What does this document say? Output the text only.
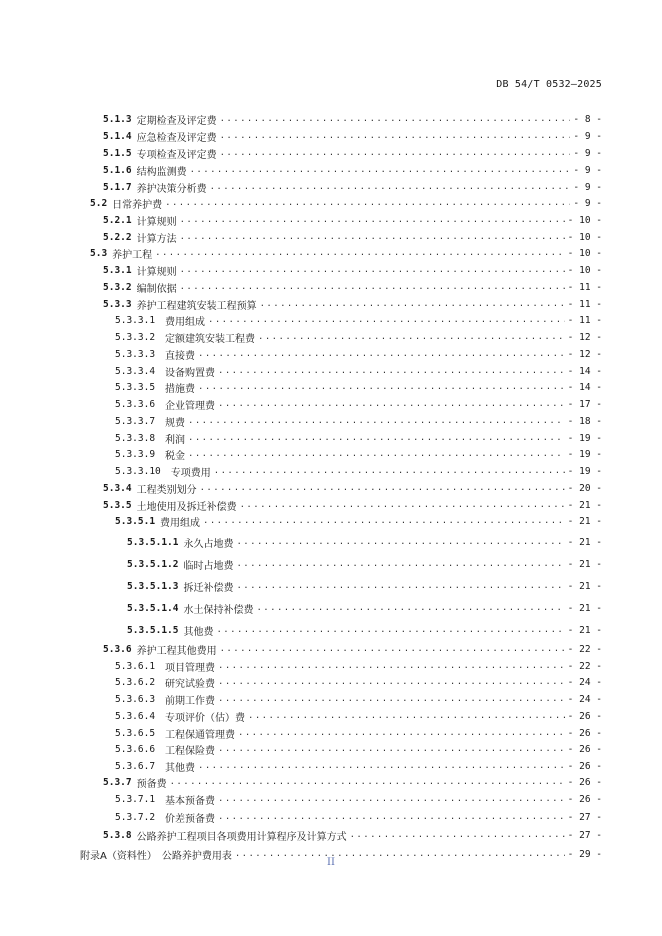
DB 54/T 0532—2025
5.1.3 定期检查及评定费 .....	- 8 -
5.1.4 应急检查及评定费 .....	- 9 -
5.1.5 专项检查及评定费 .....	- 9 -
5.1.6 结构监测费 .....	- 9 -
5.1.7 养护决策分析费 .....	- 9 -
5.2 日常养护费 .....	- 9 -
5.2.1 计算规则 .....	- 10 -
5.2.2 计算方法 .....	- 10 -
5.3 养护工程 .....	- 10 -
5.3.1 计算规则 .....	- 10 -
5.3.2 编制依据 .....	- 11 -
5.3.3 养护工程建筑安装工程预算 .....	- 11 -
5.3.3.1 费用组成 .....	- 11 -
5.3.3.2 定额建筑安装工程费 .....	- 12 -
5.3.3.3 直接费 .....	- 12 -
5.3.3.4 设备购置费 .....	- 14 -
5.3.3.5 措施费 .....	- 14 -
5.3.3.6 企业管理费 .....	- 17 -
5.3.3.7 规费 .....	- 18 -
5.3.3.8 利润 .....	- 19 -
5.3.3.9 税金 .....	- 19 -
5.3.3.10 专项费用 .....	- 19 -
5.3.4 工程类别划分 .....	- 20 -
5.3.5 土地使用及拆迁补偿费 .....	- 21 -
5.3.5.1 费用组成 .....	- 21 -
5.3.5.1.1 永久占地费 .....	- 21 -
5.3.5.1.2 临时占地费 .....	- 21 -
5.3.5.1.3 拆迁补偿费 .....	- 21 -
5.3.5.1.4 水土保持补偿费 .....	- 21 -
5.3.5.1.5 其他费 .....	- 21 -
5.3.6 养护工程其他费用 .....	- 22 -
5.3.6.1 项目管理费 .....	- 22 -
5.3.6.2 研究试验费 .....	- 24 -
5.3.6.3 前期工作费 .....	- 24 -
5.3.6.4 专项评价（估）费 .....	- 26 -
5.3.6.5 工程保通管理费 .....	- 26 -
5.3.6.6 工程保险费 .....	- 26 -
5.3.6.7 其他费 .....	- 26 -
5.3.7 预备费 .....	- 26 -
5.3.7.1 基本预备费 .....	- 26 -
5.3.7.2 价差预备费 .....	- 27 -
5.3.8 公路养护工程项目各项费用计算程序及计算方式 .....	- 27 -
附录A（资料性） 公路养护费用表 .....	- 29 -
II
